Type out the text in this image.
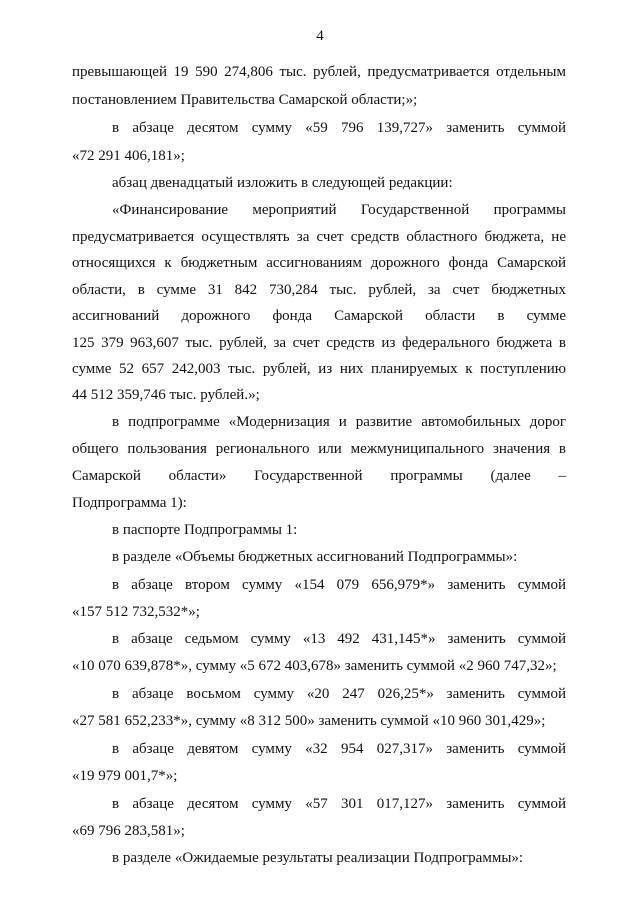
4
превышающей 19 590 274,806 тыс. рублей, предусматривается отдельным
постановлением Правительства Самарской области;»;
в абзаце десятом сумму «59 796 139,727» заменить суммой
«72 291 406,181»;
абзац двенадцатый изложить в следующей редакции:
«Финансирование мероприятий Государственной программы
предусматривается осуществлять за счет средств областного бюджета, не
относящихся к бюджетным ассигнованиям дорожного фонда Самарской
области, в сумме 31 842 730,284 тыс. рублей, за счет бюджетных
ассигнований дорожного фонда Самарской области в сумме
125 379 963,607 тыс. рублей, за счет средств из федерального бюджета в
сумме 52 657 242,003 тыс. рублей, из них планируемых к поступлению
44 512 359,746 тыс. рублей.»;
в подпрограмме «Модернизация и развитие автомобильных дорог
общего пользования регионального или межмуниципального значения в
Самарской области» Государственной программы (далее –
Подпрограмма 1):
в паспорте Подпрограммы 1:
в разделе «Объемы бюджетных ассигнований Подпрограммы»:
в абзаце втором сумму «154 079 656,979*» заменить суммой
«157 512 732,532*»;
в абзаце седьмом сумму «13 492 431,145*» заменить суммой
«10 070 639,878*», сумму «5 672 403,678» заменить суммой «2 960 747,32»;
в абзаце восьмом сумму «20 247 026,25*» заменить суммой
«27 581 652,233*», сумму «8 312 500» заменить суммой «10 960 301,429»;
в абзаце девятом сумму «32 954 027,317» заменить суммой
«19 979 001,7*»;
в абзаце десятом сумму «57 301 017,127» заменить суммой
«69 796 283,581»;
в разделе «Ожидаемые результаты реализации Подпрограммы»:
